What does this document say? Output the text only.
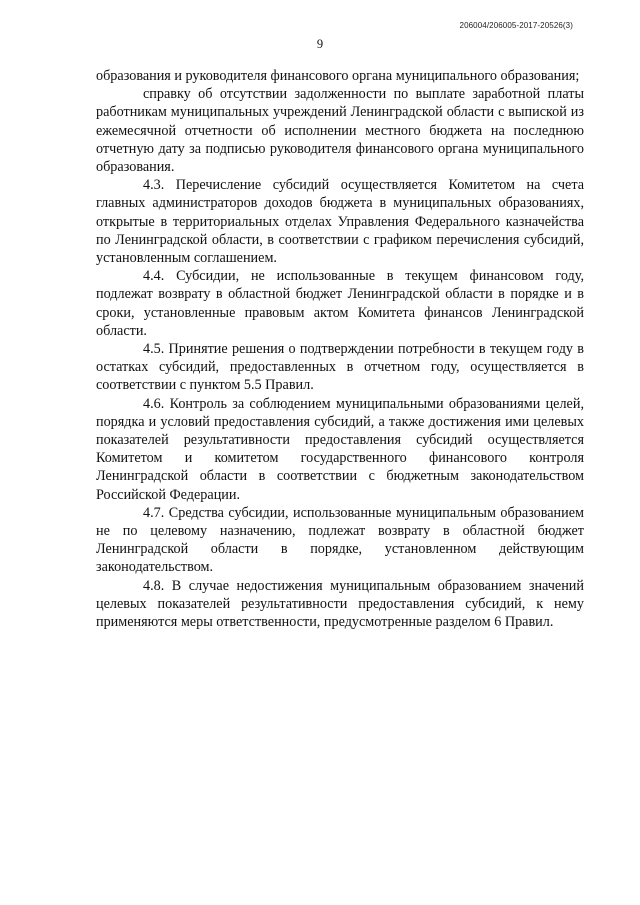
206004/206005-2017-20526(3)
9

образования и руководителя финансового органа муниципального образования;

справку об отсутствии задолженности по выплате заработной платы работникам муниципальных учреждений Ленинградской области с выпиской из ежемесячной отчетности об исполнении местного бюджета на последнюю отчетную дату за подписью руководителя финансового органа муниципального образования.

4.3. Перечисление субсидий осуществляется Комитетом на счета главных администраторов доходов бюджета в муниципальных образованиях, открытые в территориальных отделах Управления Федерального казначейства по Ленинградской области, в соответствии с графиком перечисления субсидий, установленным соглашением.

4.4. Субсидии, не использованные в текущем финансовом году, подлежат возврату в областной бюджет Ленинградской области в порядке и в сроки, установленные правовым актом Комитета финансов Ленинградской области.

4.5. Принятие решения о подтверждении потребности в текущем году в остатках субсидий, предоставленных в отчетном году, осуществляется в соответствии с пунктом 5.5 Правил.

4.6. Контроль за соблюдением муниципальными образованиями целей, порядка и условий предоставления субсидий, а также достижения ими целевых показателей результативности предоставления субсидий осуществляется Комитетом и комитетом государственного финансового контроля Ленинградской области в соответствии с бюджетным законодательством Российской Федерации.

4.7. Средства субсидии, использованные муниципальным образованием не по целевому назначению, подлежат возврату в областной бюджет Ленинградской области в порядке, установленном действующим законодательством.

4.8. В случае недостижения муниципальным образованием значений целевых показателей результативности предоставления субсидий, к нему применяются меры ответственности, предусмотренные разделом 6 Правил.
